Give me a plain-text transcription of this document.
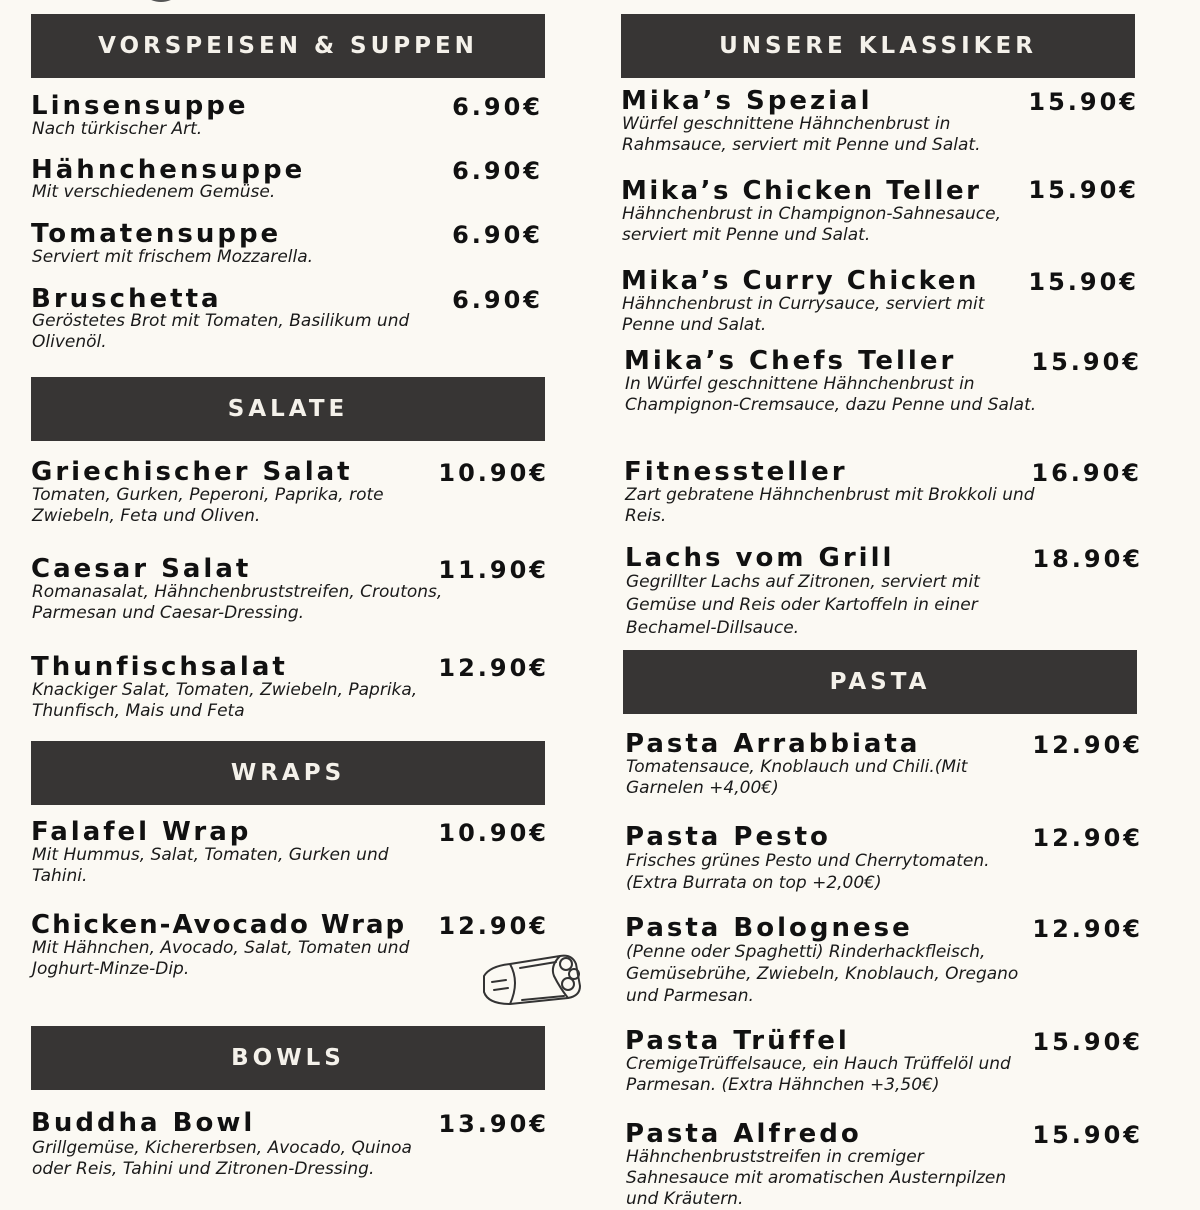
VORSPEISEN & SUPPEN
Linsensuppe	6.90€
Nach türkischer Art.
Hähnchensuppe	6.90€
Mit verschiedenem Gemüse.
Tomatensuppe	6.90€
Serviert mit frischem Mozzarella.
Bruschetta	6.90€
Geröstetes Brot mit Tomaten, Basilikum und Olivenöl.
SALATE
Griechischer Salat	10.90€
Tomaten, Gurken, Peperoni, Paprika, rote Zwiebeln, Feta und Oliven.
Caesar Salat	11.90€
Romanasalat, Hähnchenbruststreifen, Croutons, Parmesan und Caesar-Dressing.
Thunfischsalat	12.90€
Knackiger Salat, Tomaten, Zwiebeln, Paprika, Thunfisch, Mais und Feta
WRAPS
Falafel Wrap	10.90€
Mit Hummus, Salat, Tomaten, Gurken und Tahini.
Chicken-Avocado Wrap 12.90€
Mit Hähnchen, Avocado, Salat, Tomaten und Joghurt-Minze-Dip.
BOWLS
Buddha Bowl	13.90€
Grillgemüse, Kichererbsen, Avocado, Quinoa oder Reis, Tahini und Zitronen-Dressing.
UNSERE KLASSIKER
Mika’s Spezial	15.90€
Würfel geschnittene Hähnchenbrust in Rahmsauce, serviert mit Penne und Salat.
Mika’s Chicken Teller 15.90€
Hähnchenbrust in Champignon-Sahnesauce, serviert mit Penne und Salat.
Mika’s Curry Chicken 15.90€
Hähnchenbrust in Currysauce, serviert mit Penne und Salat.
Mika’s Chefs Teller	15.90€
In Würfel geschnittene Hähnchenbrust in Champignon-Cremsauce, dazu Penne und Salat.
Fitnessteller	16.90€
Zart gebratene Hähnchenbrust mit Brokkoli und Reis.
Lachs vom Grill	18.90€
Gegrillter Lachs auf Zitronen, serviert mit Gemüse und Reis oder Kartoffeln in einer Bechamel-Dillsauce.
PASTA
Pasta Arrabbiata	12.90€
Tomatensauce, Knoblauch und Chili.(Mit Garnelen +4,00€)
Pasta Pesto	12.90€
Frisches grünes Pesto und Cherrytomaten. (Extra Burrata on top +2,00€)
Pasta Bolognese	12.90€
(Penne oder Spaghetti) Rinderhackfleisch, Gemüsebrühe, Zwiebeln, Knoblauch, Oregano und Parmesan.
Pasta Trüffel	15.90€
CremigeTrüffelsauce, ein Hauch Trüffelöl und Parmesan. (Extra Hähnchen +3,50€)
Pasta Alfredo	15.90€
Hähnchenbruststreifen in cremiger Sahnesauce mit aromatischen Austernpilzen und Kräutern.
